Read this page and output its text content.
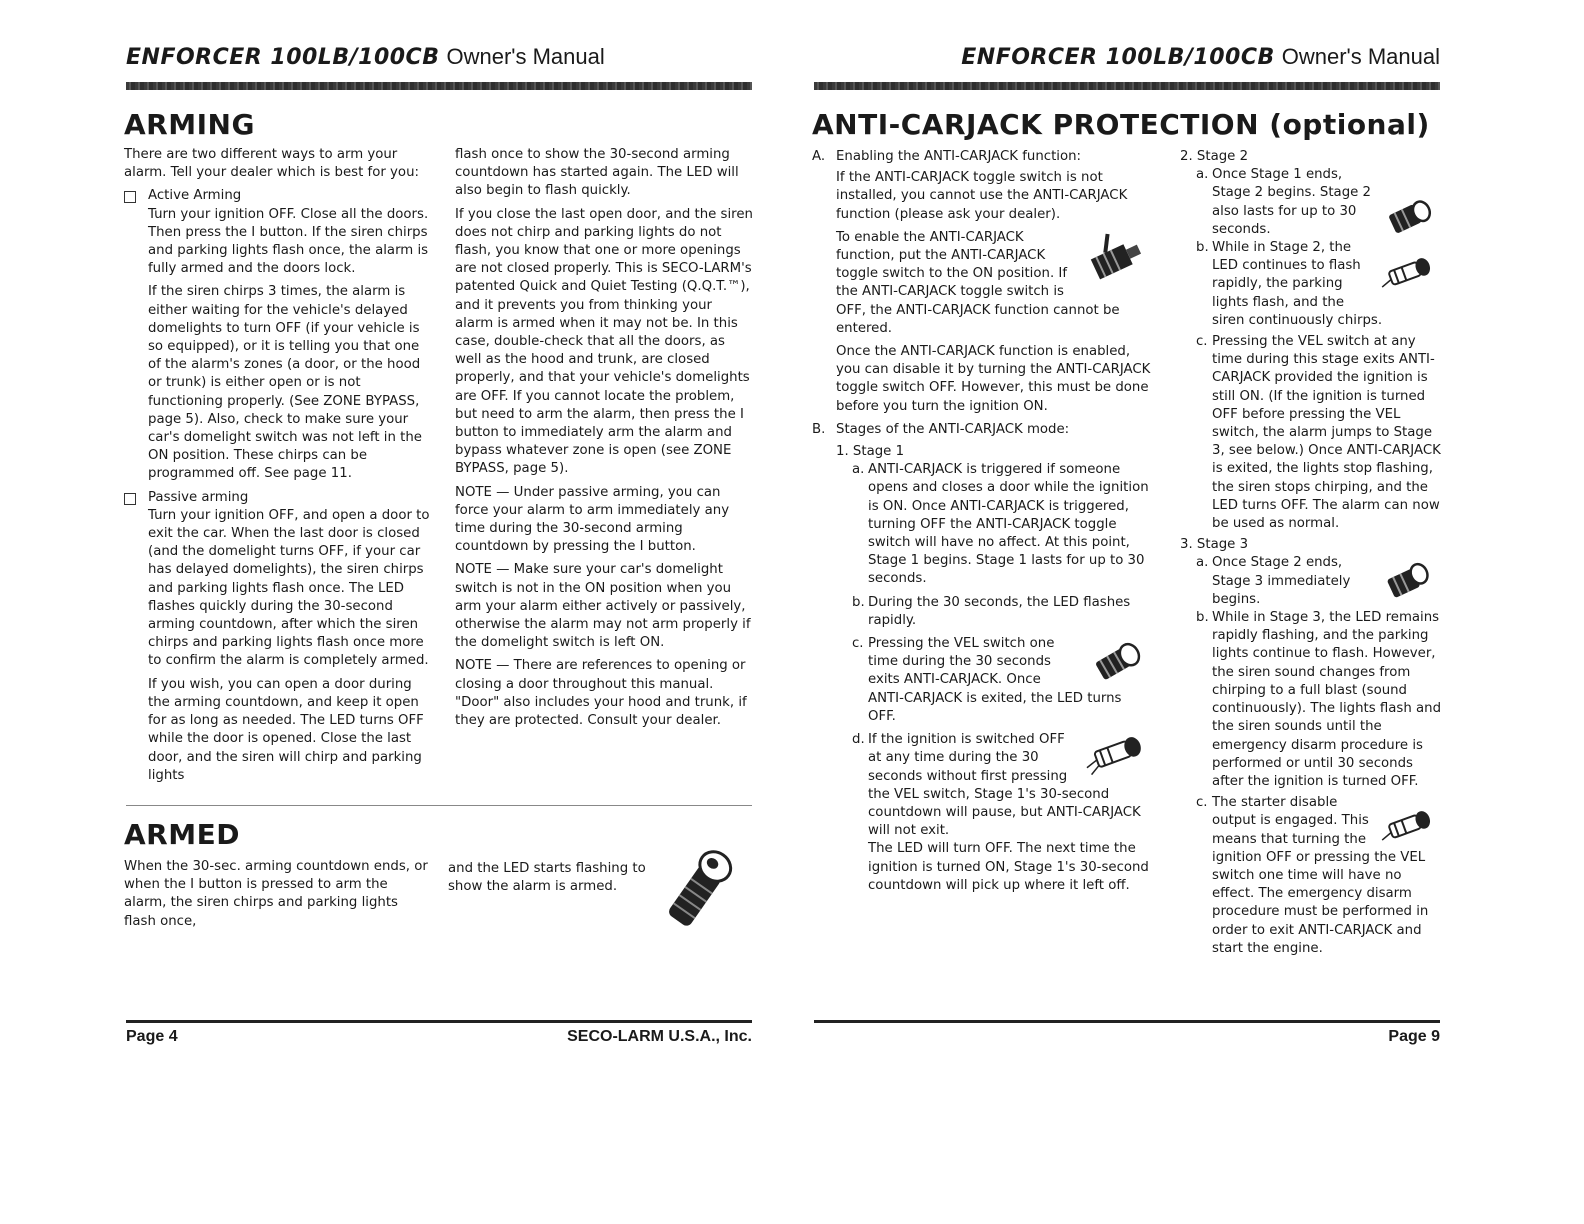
ENFORCER 100LB/100CB Owner's Manual
ARMING

There are two different ways to arm your alarm. Tell your dealer which is best for you:

Active Arming

Turn your ignition OFF. Close all the doors. Then press the I button. If the siren chirps and parking lights flash once, the alarm is fully armed and the doors lock.

If the siren chirps 3 times, the alarm is either waiting for the vehicle's delayed domelights to turn OFF (if your vehicle is so equipped), or it is telling you that one of the alarm's zones (a door, or the hood or trunk) is either open or is not functioning properly. (See ZONE BYPASS, page 5). Also, check to make sure your car's domelight switch was not left in the ON position. These chirps can be programmed off. See page 11.

Passive arming

Turn your ignition OFF, and open a door to exit the car. When the last door is closed (and the domelight turns OFF, if your car has delayed domelights), the siren chirps and parking lights flash once. The LED flashes quickly during the 30-second arming countdown, after which the siren chirps and parking lights flash once more to confirm the alarm is completely armed.

If you wish, you can open a door during the arming countdown, and keep it open for as long as needed. The LED turns OFF while the door is opened. Close the last door, and the siren will chirp and parking lights

flash once to show the 30-second arming countdown has started again. The LED will also begin to flash quickly.

If you close the last open door, and the siren does not chirp and parking lights do not flash, you know that one or more openings are not closed properly. This is SECO-LARM's patented Quick and Quiet Testing (Q.Q.T.™), and it prevents you from thinking your alarm is armed when it may not be. In this case, double-check that all the doors, as well as the hood and trunk, are closed properly, and that your vehicle's domelights are OFF. If you cannot locate the problem, but need to arm the alarm, then press the I button to immediately arm the alarm and bypass whatever zone is open (see ZONE BYPASS, page 5).

NOTE — Under passive arming, you can force your alarm to arm immediately any time during the 30-second arming countdown by pressing the I button.

NOTE — Make sure your car's domelight switch is not in the ON position when you arm your alarm either actively or passively, otherwise the alarm may not arm properly if the domelight switch is left ON.

NOTE — There are references to opening or closing a door throughout this manual. "Door" also includes your hood and trunk, if they are protected. Consult your dealer.

ARMED

When the 30-sec. arming countdown ends, or when the I button is pressed to arm the alarm, the siren chirps and parking lights flash once,

and the LED starts flashing to show the alarm is armed.

Page 4	SECO-LARM U.S.A., Inc.
ENFORCER 100LB/100CB Owner's Manual
ANTI-CARJACK PROTECTION (optional)
A. Enabling the ANTI-CARJACK function:

If the ANTI-CARJACK toggle switch is not installed, you cannot use the ANTI-CARJACK function (please ask your dealer).

To enable the ANTI-CARJACK function, put the ANTI-CARJACK toggle switch to the ON position. If the ANTI-CARJACK toggle switch is OFF, the ANTI-CARJACK function cannot be entered.

Once the ANTI-CARJACK function is enabled, you can disable it by turning the ANTI-CARJACK toggle switch OFF. However, this must be done before you turn the ignition ON.

B. Stages of the ANTI-CARJACK mode:
1. Stage 1
a. ANTI-CARJACK is triggered if someone opens and closes a door while the ignition is ON. Once ANTI-CARJACK is triggered, turning OFF the ANTI-CARJACK toggle switch will have no affect. At this point, Stage 1 begins. Stage 1 lasts for up to 30 seconds.
b. During the 30 seconds, the LED flashes rapidly.
c. Pressing the VEL switch one time during the 30 seconds exits ANTI-CARJACK. Once ANTI-CARJACK is exited, the LED turns OFF.
d. If the ignition is switched OFF at any time during the 30 seconds without first pressing the VEL switch, Stage 1's 30-second countdown will pause, but ANTI-CARJACK will not exit.
The LED will turn OFF. The next time the ignition is turned ON, Stage 1's 30-second countdown will pick up where it left off.
2. Stage 2
a. Once Stage 1 ends, Stage 2 begins. Stage 2 also lasts for up to 30 seconds.
b. While in Stage 2, the LED continues to flash rapidly, the parking lights flash, and the siren continuously chirps.
c. Pressing the VEL switch at any time during this stage exits ANTI-CARJACK provided the ignition is still ON. (If the ignition is turned OFF before pressing the VEL switch, the alarm jumps to Stage 3, see below.) Once ANTI-CARJACK is exited, the lights stop flashing, the siren stops chirping, and the LED turns OFF. The alarm can now be used as normal.
3. Stage 3
a. Once Stage 2 ends, Stage 3 immediately begins.
b. While in Stage 3, the LED remains rapidly flashing, and the parking lights continue to flash. However, the siren sound changes from chirping to a full blast (sound continuously). The lights flash and the siren sounds until the emergency disarm procedure is performed or until 30 seconds after the ignition is turned OFF.
c. The starter disable output is engaged. This means that turning the ignition OFF or pressing the VEL switch one time will have no effect. The emergency disarm procedure must be performed in order to exit ANTI-CARJACK and start the engine.
Page 9
